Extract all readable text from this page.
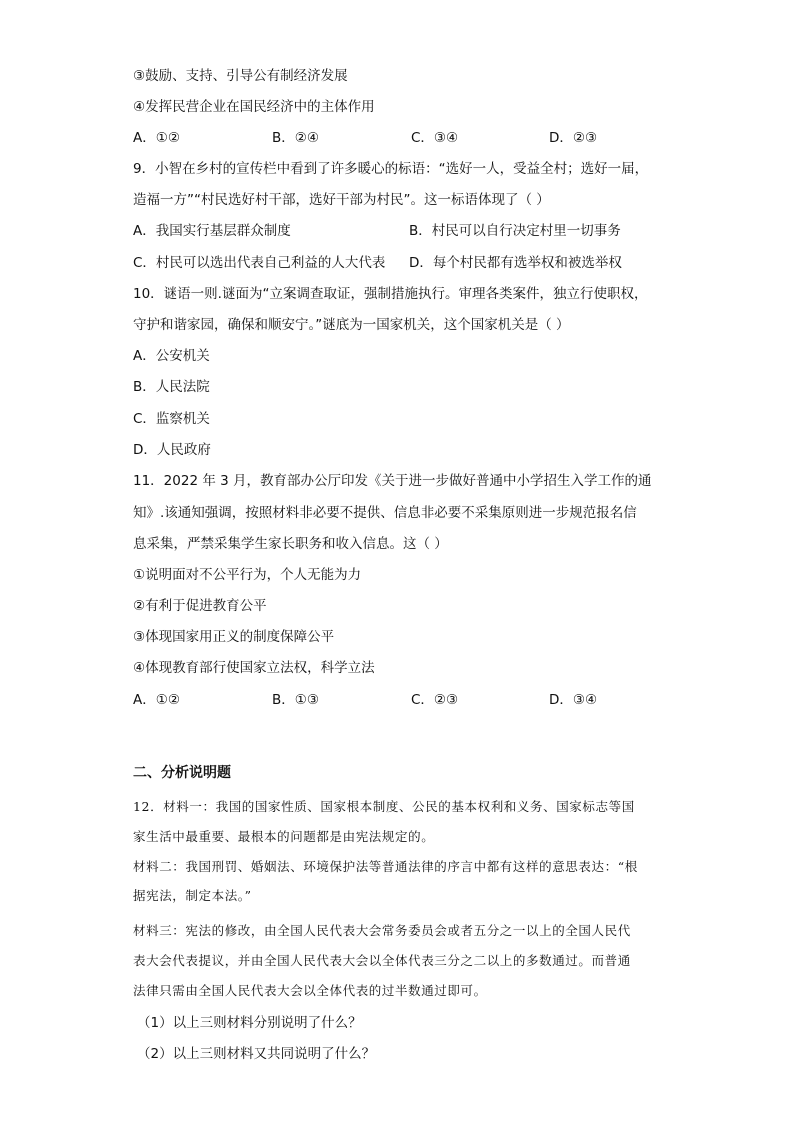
③鼓励、支持、引导公有制经济发展
④发挥民营企业在国民经济中的主体作用
A．①②	B．②④	C．③④	D．②③
9．小智在乡村的宣传栏中看到了许多暖心的标语：“选好一人，受益全村；选好一届，
造福一方”“村民选好村干部，选好干部为村民”。这一标语体现了（ ）
A．我国实行基层群众制度	B．村民可以自行决定村里一切事务
C．村民可以选出代表自己利益的人大代表 D．每个村民都有选举权和被选举权
10．谜语一则.谜面为“立案调查取证，强制措施执行。审理各类案件，独立行使职权，
守护和谐家园，确保和顺安宁。”谜底为一国家机关，这个国家机关是（ ）
A．公安机关
B．人民法院
C．监察机关
D．人民政府
11．2022 年 3 月，教育部办公厅印发《关于进一步做好普通中小学招生入学工作的通
知》.该通知强调，按照材料非必要不提供、信息非必要不采集原则进一步规范报名信
息采集，严禁采集学生家长职务和收入信息。这（ ）
①说明面对不公平行为，个人无能为力
②有利于促进教育公平
③体现国家用正义的制度保障公平
④体现教育部行使国家立法权，科学立法
A．①②	B．①③	C．②③	D．③④
二、分析说明题
12．材料一：我国的国家性质、国家根本制度、公民的基本权利和义务、国家标志等国
家生活中最重要、最根本的问题都是由宪法规定的。
材料二：我国刑罚、婚姻法、环境保护法等普通法律的序言中都有这样的意思表达：“根
据宪法，制定本法。”
材料三：宪法的修改，由全国人民代表大会常务委员会或者五分之一以上的全国人民代
表大会代表提议，并由全国人民代表大会以全体代表三分之二以上的多数通过。而普通
法律只需由全国人民代表大会以全体代表的过半数通过即可。
（1）以上三则材料分别说明了什么？
（2）以上三则材料又共同说明了什么？
